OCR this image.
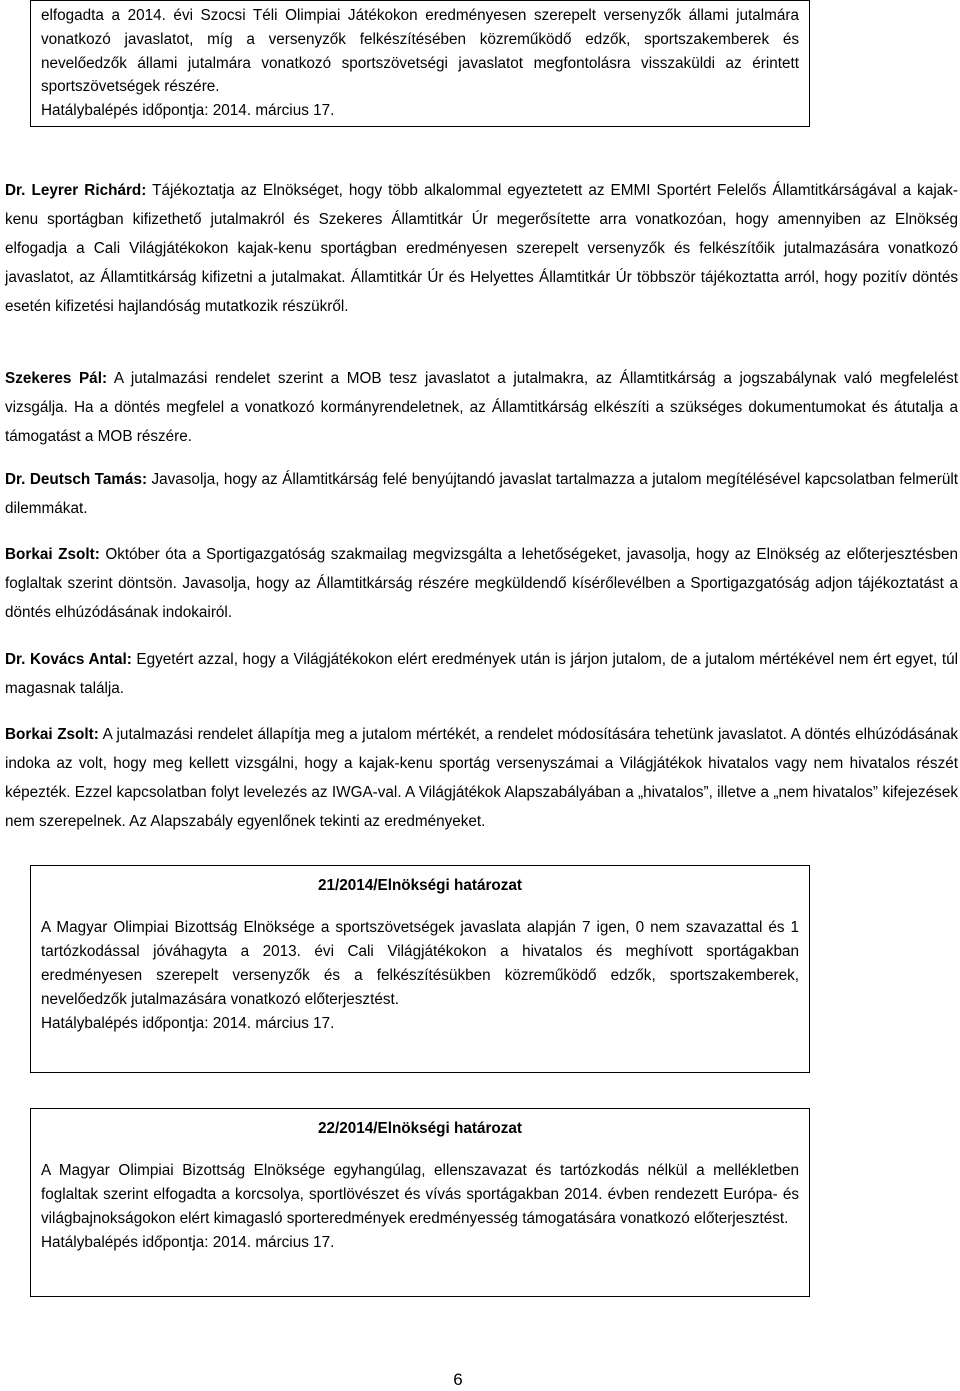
elfogadta a 2014. évi Szocsi Téli Olimpiai Játékokon eredményesen szerepelt versenyzők állami jutalmára vonatkozó javaslatot, míg a versenyzők felkészítésében közreműködő edzők, sportszakemberek és nevelőedzők állami jutalmára vonatkozó sportszövetségi javaslatot megfontolásra visszaküldi az érintett sportszövetségek részére.

Hatálybalépés időpontja: 2014. március 17.

Dr. Leyrer Richárd: Tájékoztatja az Elnökséget, hogy több alkalommal egyeztetett az EMMI Sportért Felelős Államtitkárságával a kajak-kenu sportágban kifizethető jutalmakról és Szekeres Államtitkár Úr megerősítette arra vonatkozóan, hogy amennyiben az Elnökség elfogadja a Cali Világjátékokon kajak-kenu sportágban eredményesen szerepelt versenyzők és felkészítőik jutalmazására vonatkozó javaslatot, az Államtitkárság kifizetni a jutalmakat. Államtitkár Úr és Helyettes Államtitkár Úr többször tájékoztatta arról, hogy pozitív döntés esetén kifizetési hajlandóság mutatkozik részükről.

Szekeres Pál: A jutalmazási rendelet szerint a MOB tesz javaslatot a jutalmakra, az Államtitkárság a jogszabálynak való megfelelést vizsgálja. Ha a döntés megfelel a vonatkozó kormányrendeletnek, az Államtitkárság elkészíti a szükséges dokumentumokat és átutalja a támogatást a MOB részére.

Dr. Deutsch Tamás: Javasolja, hogy az Államtitkárság felé benyújtandó javaslat tartalmazza a jutalom megítélésével kapcsolatban felmerült dilemmákat.

Borkai Zsolt: Október óta a Sportigazgatóság szakmailag megvizsgálta a lehetőségeket, javasolja, hogy az Elnökség az előterjesztésben foglaltak szerint döntsön. Javasolja, hogy az Államtitkárság részére megküldendő kísérőlevélben a Sportigazgatóság adjon tájékoztatást a döntés elhúzódásának indokairól.

Dr. Kovács Antal: Egyetért azzal, hogy a Világjátékokon elért eredmények után is járjon jutalom, de a jutalom mértékével nem ért egyet, túl magasnak találja.

Borkai Zsolt: A jutalmazási rendelet állapítja meg a jutalom mértékét, a rendelet módosítására tehetünk javaslatot. A döntés elhúzódásának indoka az volt, hogy meg kellett vizsgálni, hogy a kajak-kenu sportág versenyszámai a Világjátékok hivatalos vagy nem hivatalos részét képezték. Ezzel kapcsolatban folyt levelezés az IWGA-val. A Világjátékok Alapszabályában a „hivatalos”, illetve a „nem hivatalos” kifejezések nem szerepelnek. Az Alapszabály egyenlőnek tekinti az eredményeket.

21/2014/Elnökségi határozat

A Magyar Olimpiai Bizottság Elnöksége a sportszövetségek javaslata alapján 7 igen, 0 nem szavazattal és 1 tartózkodással jóváhagyta a 2013. évi Cali Világjátékokon a hivatalos és meghívott sportágakban eredményesen szerepelt versenyzők és a felkészítésükben közreműködő edzők, sportszakemberek, nevelőedzők jutalmazására vonatkozó előterjesztést.

Hatálybalépés időpontja: 2014. március 17.

22/2014/Elnökségi határozat

A Magyar Olimpiai Bizottság Elnöksége egyhangúlag, ellenszavazat és tartózkodás nélkül a mellékletben foglaltak szerint elfogadta a korcsolya, sportlövészet és vívás sportágakban 2014. évben rendezett Európa- és világbajnokságokon elért kimagasló sporteredmények eredményesség támogatására vonatkozó előterjesztést.

Hatálybalépés időpontja: 2014. március 17.

6
